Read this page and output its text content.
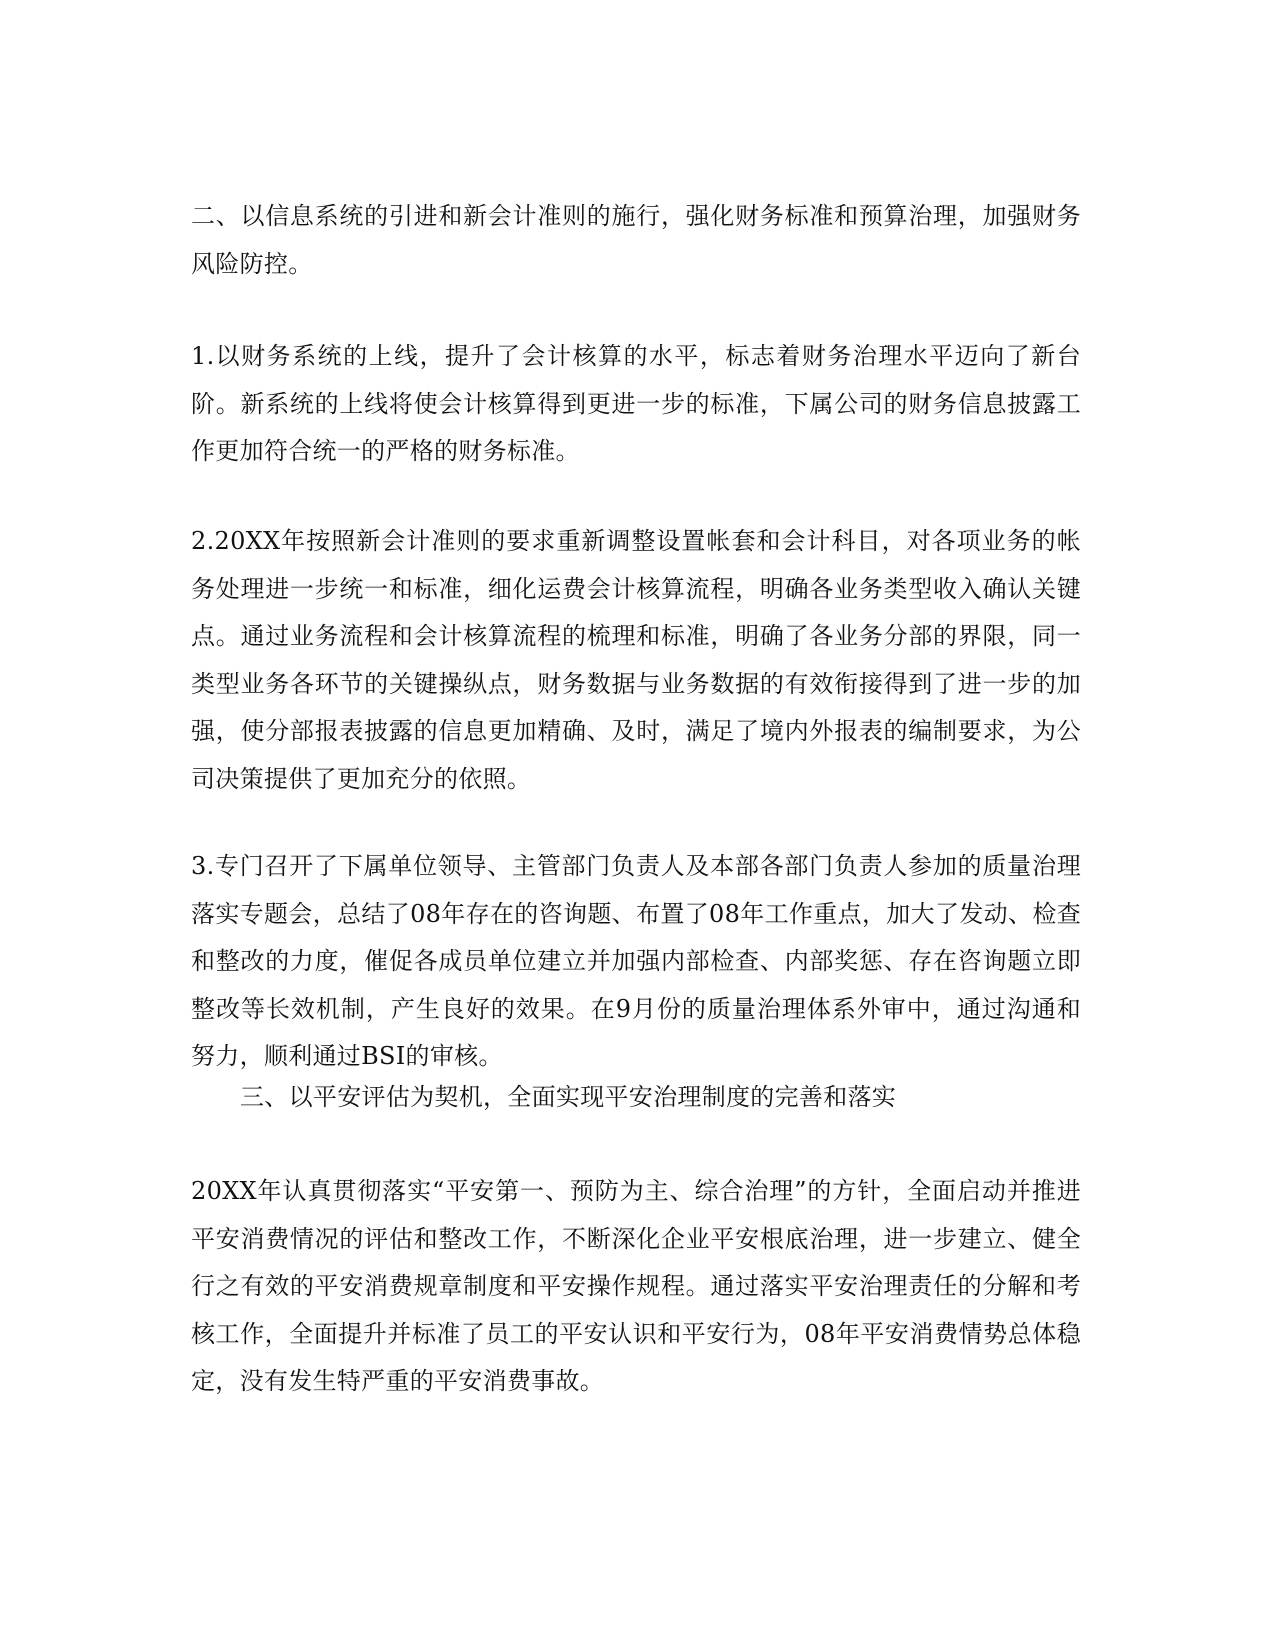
二、以信息系统的引进和新会计准则的施行，强化财务标准和预算治理，加强财务风险防控。

1.以财务系统的上线，提升了会计核算的水平，标志着财务治理水平迈向了新台阶。新系统的上线将使会计核算得到更进一步的标准，下属公司的财务信息披露工作更加符合统一的严格的财务标准。

2.20XX年按照新会计准则的要求重新调整设置帐套和会计科目，对各项业务的帐务处理进一步统一和标准，细化运费会计核算流程，明确各业务类型收入确认关键点。通过业务流程和会计核算流程的梳理和标准，明确了各业务分部的界限，同一类型业务各环节的关键操纵点，财务数据与业务数据的有效衔接得到了进一步的加强，使分部报表披露的信息更加精确、及时，满足了境内外报表的编制要求，为公司决策提供了更加充分的依照。

3.专门召开了下属单位领导、主管部门负责人及本部各部门负责人参加的质量治理落实专题会，总结了08年存在的咨询题、布置了08年工作重点，加大了发动、检查和整改的力度，催促各成员单位建立并加强内部检查、内部奖惩、存在咨询题立即整改等长效机制，产生良好的效果。在9月份的质量治理体系外审中，通过沟通和努力，顺利通过BSI的审核。

三、以平安评估为契机，全面实现平安治理制度的完善和落实

20XX年认真贯彻落实“平安第一、预防为主、综合治理”的方针，全面启动并推进平安消费情况的评估和整改工作，不断深化企业平安根底治理，进一步建立、健全行之有效的平安消费规章制度和平安操作规程。通过落实平安治理责任的分解和考核工作，全面提升并标准了员工的平安认识和平安行为，08年平安消费情势总体稳定，没有发生特严重的平安消费事故。
